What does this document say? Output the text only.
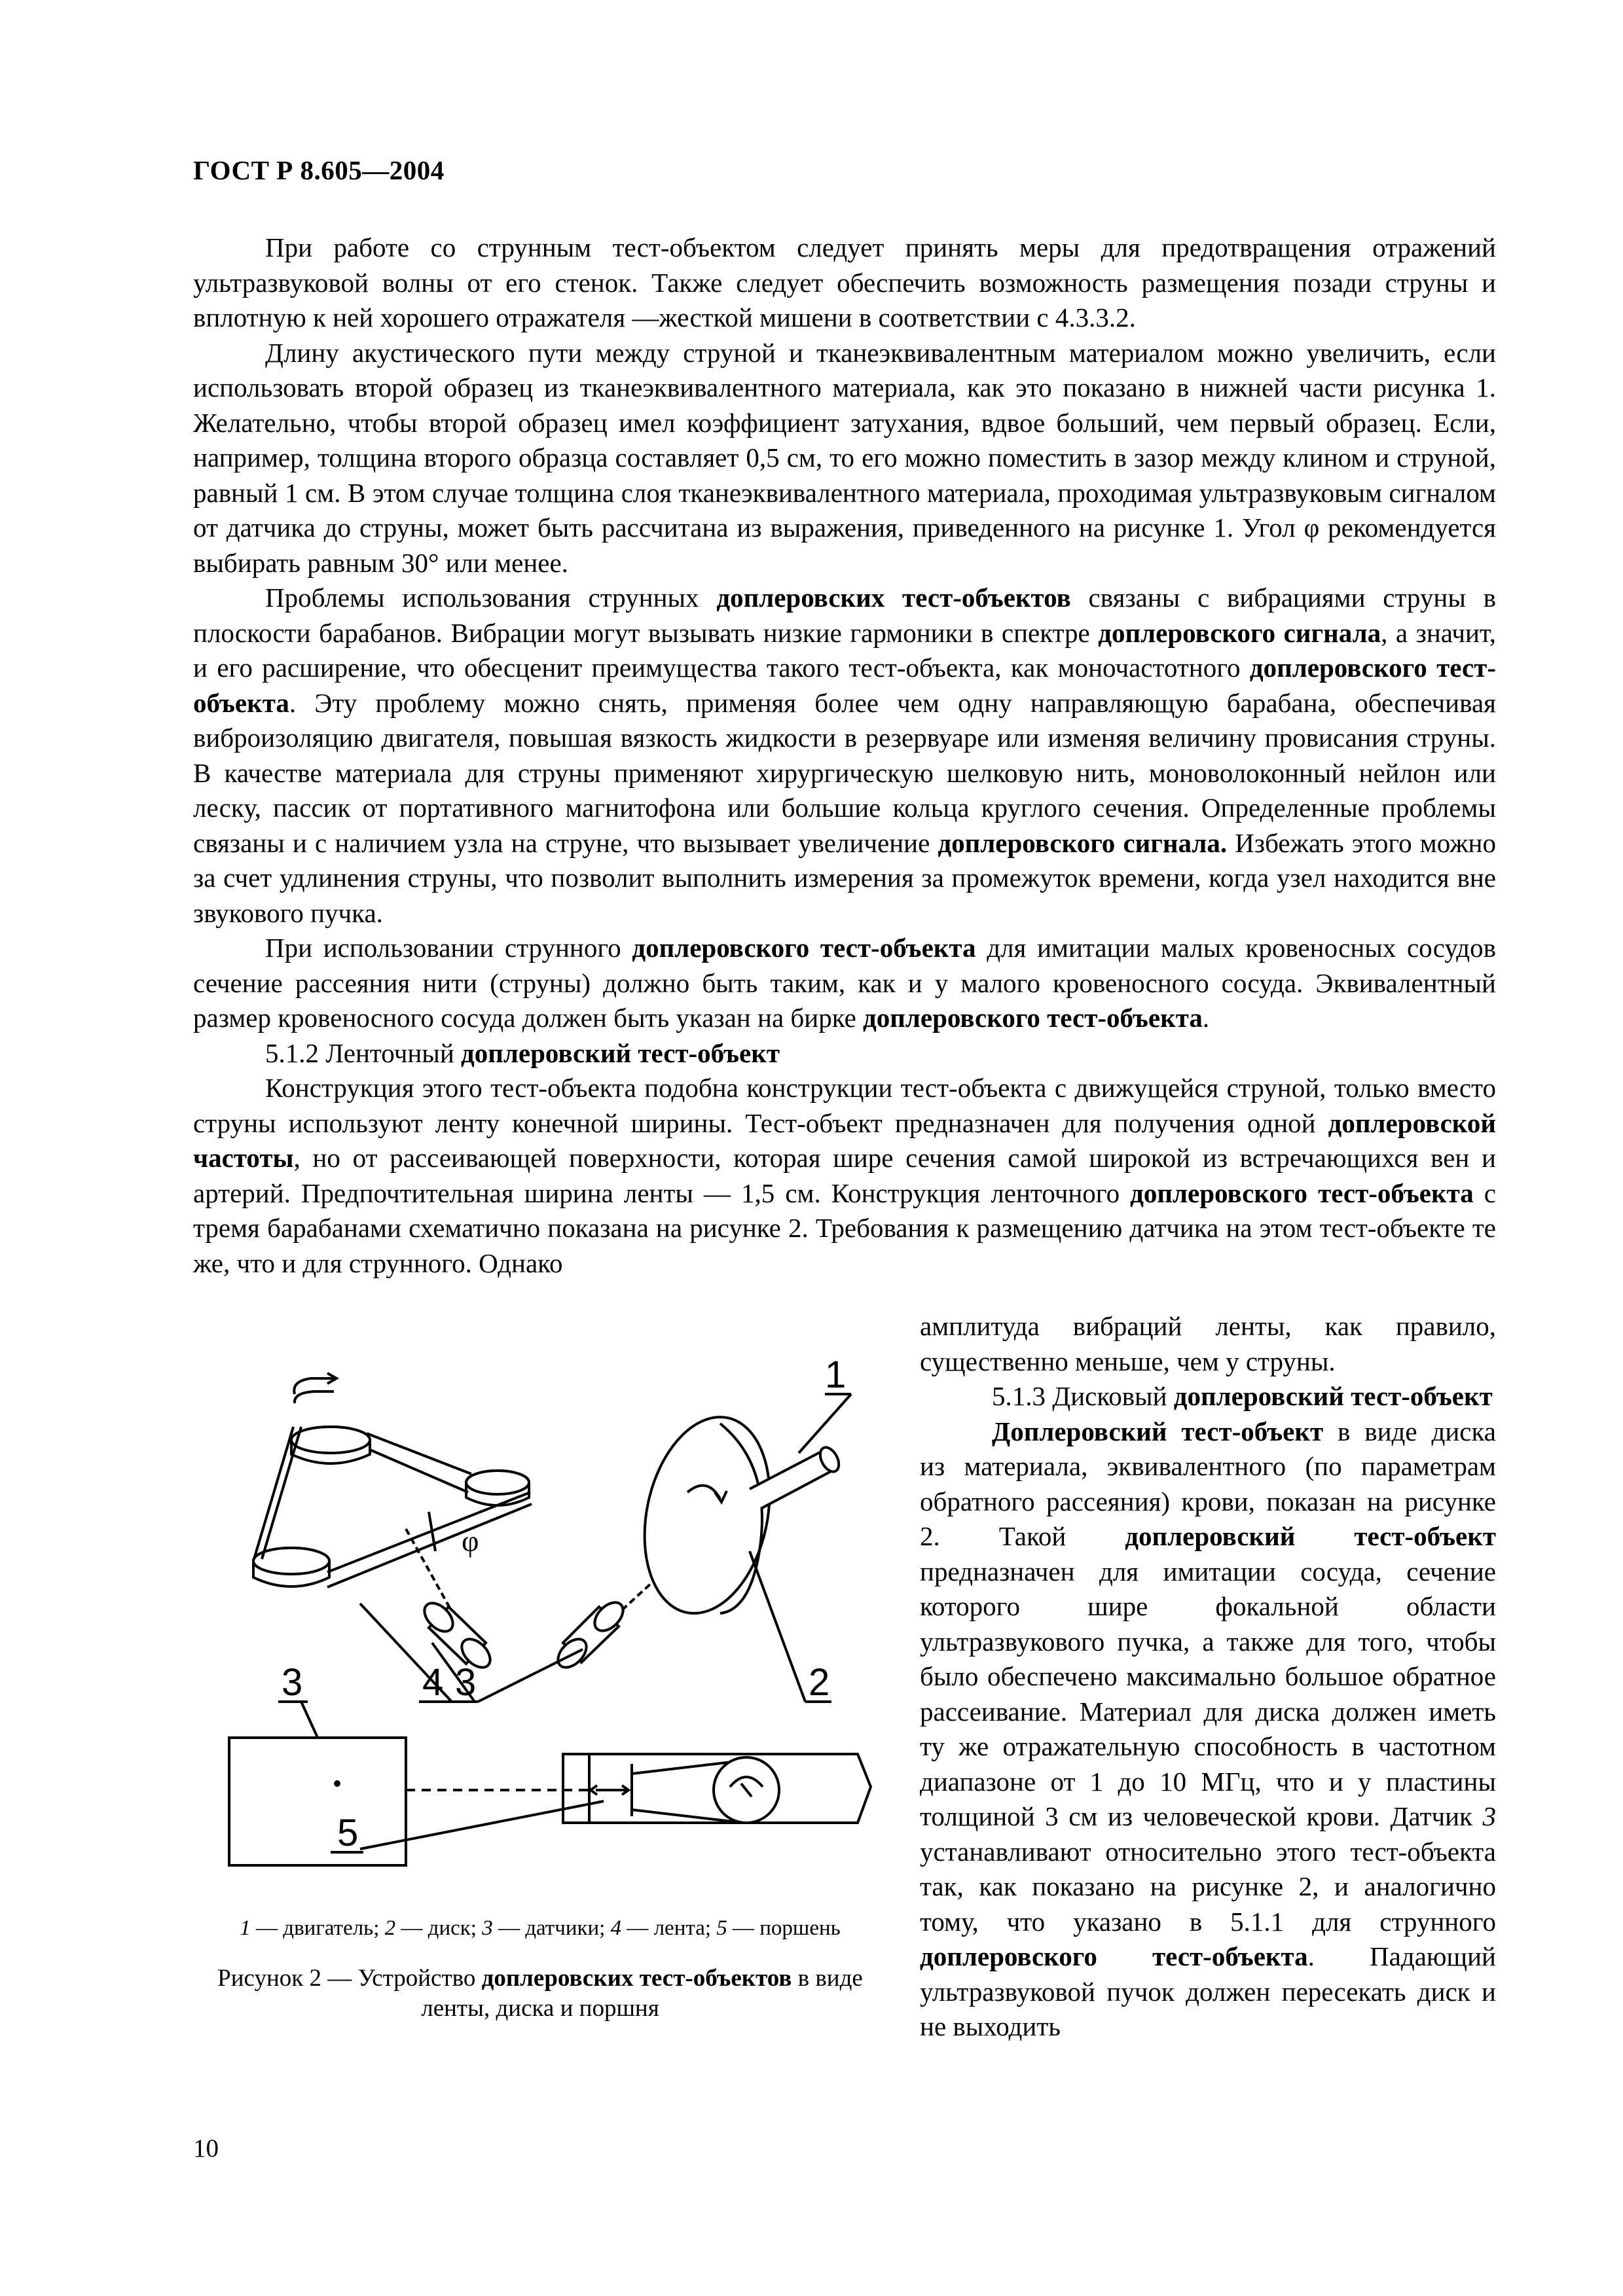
ГОСТ Р 8.605—2004

При работе со струнным тест-объектом следует принять меры для предотвращения отражений ультразвуковой волны от его стенок. Также следует обеспечить возможность размещения позади струны и вплотную к ней хорошего отражателя —жесткой мишени в соответствии с 4.3.3.2.

Длину акустического пути между струной и тканеэквивалентным материалом можно увеличить, если использовать второй образец из тканеэквивалентного материала, как это показано в нижней части рисунка 1. Желательно, чтобы второй образец имел коэффициент затухания, вдвое больший, чем первый образец. Если, например, толщина второго образца составляет 0,5 см, то его можно поместить в зазор между клином и струной, равный 1 см. В этом случае толщина слоя тканеэквивалентного материала, проходимая ультразвуковым сигналом от датчика до струны, может быть рассчитана из выражения, приведенного на рисунке 1. Угол φ рекомендуется выбирать равным 30° или менее.

Проблемы использования струнных доплеровских тест-объектов связаны с вибрациями струны в плоскости барабанов. Вибрации могут вызывать низкие гармоники в спектре доплеровского сигнала, а значит, и его расширение, что обесценит преимущества такого тест-объекта, как моночастотного доплеровского тест-объекта. Эту проблему можно снять, применяя более чем одну направляющую барабана, обеспечивая виброизоляцию двигателя, повышая вязкость жидкости в резервуаре или изменяя величину провисания струны. В качестве материала для струны применяют хирургическую шелковую нить, моноволоконный нейлон или леску, пассик от портативного магнитофона или большие кольца круглого сечения. Определенные проблемы связаны и с наличием узла на струне, что вызывает увеличение доплеровского сигнала. Избежать этого можно за счет удлинения струны, что позволит выполнить измерения за промежуток времени, когда узел находится вне звукового пучка.

При использовании струнного доплеровского тест-объекта для имитации малых кровеносных сосудов сечение рассеяния нити (струны) должно быть таким, как и у малого кровеносного сосуда. Эквивалентный размер кровеносного сосуда должен быть указан на бирке доплеровского тест-объекта.

5.1.2 Ленточный доплеровский тест-объект

Конструкция этого тест-объекта подобна конструкции тест-объекта с движущейся струной, только вместо струны используют ленту конечной ширины. Тест-объект предназначен для получения одной доплеровской частоты, но от рассеивающей поверхности, которая шире сечения самой широкой из встречающихся вен и артерий. Предпочтительная ширина ленты — 1,5 см. Конструкция ленточного доплеровского тест-объекта с тремя барабанами схематично показана на рисунке 2. Требования к размещению датчика на этом тест-объекте те же, что и для струнного. Однако

амплитуда вибраций ленты, как правило, существенно меньше, чем у струны.

5.1.3 Дисковый доплеровский тест-объект

Доплеровский тест-объект в виде диска из материала, эквивалентного (по параметрам обратного рассеяния) крови, показан на рисунке 2. Такой доплеровский тест-объект предназначен для имитации сосуда, сечение которого шире фокальной области ультразвукового пучка, а также для того, чтобы было обеспечено максимально большое обратное рассеивание. Материал для диска должен иметь ту же отражательную способность в частотном диапазоне от 1 до 10 МГц, что и у пластины толщиной 3 см из человеческой крови. Датчик 3 устанавливают относительно этого тест-объекта так, как показано на рисунке 2, и аналогично тому, что указано в 5.1.1 для струнного доплеровского тест-объекта. Падающий ультразвуковой пучок должен пересекать диск и не выходить

φ
1
2
3
4
3
5
1 — двигатель; 2 — диск; 3 — датчики; 4 — лента; 5 — поршень
Рисунок 2 — Устройство доплеровских тест-объектов в виде ленты, диска и поршня
10
